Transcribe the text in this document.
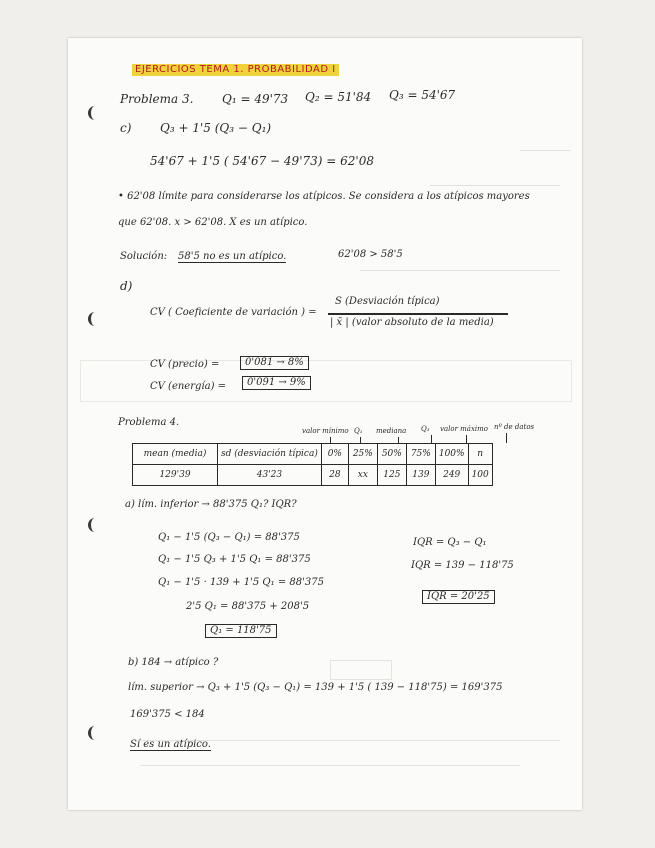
EJERCICIOS TEMA 1. PROBABILIDAD I
Problema 3. Q₁ = 49'73 Q₂ = 51'84 Q₃ = 54'67
c) Q₃ + 1'5 (Q₃ − Q₁)
54'67 + 1'5 ( 54'67 − 49'73) = 62'08
• 62'08 límite para considerarse los atípicos. Se considera a los atípicos mayores
que 62'08. x > 62'08. X es un atípico.
Solución: 58'5 no es un atípico.	62'08 > 58'5
d)
CV ( Coeficiente de variación ) =
S (Desviación típica)
| x̄ | (valor absoluto de la media)
CV (precio) =	0'081 → 8%
CV (energía) =	0'091 → 9%
Problema 4.
valor mínimo Q₁ mediana Q₃ valor máximo nº de datos
mean (media)	sd (desviación típica)	0%	25%	50%	75%	100%	n
129'39	43'23	28	xx	125	139	249	100
a) lím. inferior → 88'375 Q₁? IQR?
Q₁ − 1'5 (Q₃ − Q₁) = 88'375
Q₁ − 1'5 Q₃ + 1'5 Q₁ = 88'375
Q₁ − 1'5 · 139 + 1'5 Q₁ = 88'375
2'5 Q₁ = 88'375 + 208'5
Q₁ = 118'75
IQR = Q₃ − Q₁
IQR = 139 − 118'75
IQR = 20'25
b) 184 → atípico ?
lím. superior → Q₃ + 1'5 (Q₃ − Q₁) = 139 + 1'5 ( 139 − 118'75) = 169'375
169'375 < 184
Sí es un atípico.
